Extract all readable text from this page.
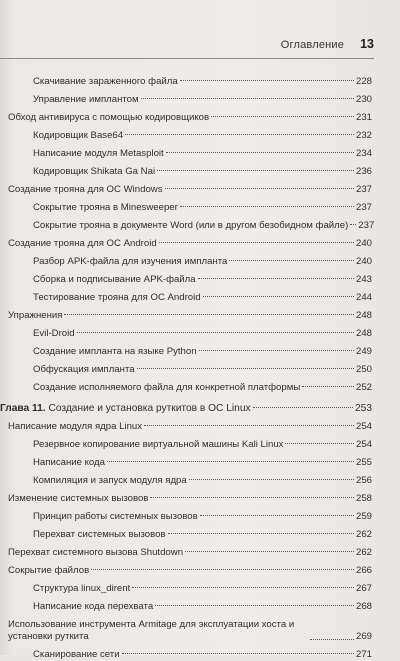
Оглавление 13
Скачивание зараженного файла	228
Управление имплантом	230
Обход антивируса с помощью кодировщиков	231
Кодировщик Base64	232
Написание модуля Metasploit	234
Кодировщик Shikata Ga Nai	236
Создание трояна для ОС Windows	237
Сокрытие трояна в Minesweeper	237
Сокрытие трояна в документе Word (или в другом безобидном файле) 237
Создание трояна для ОС Android	240
Разбор APK-файла для изучения импланта	240
Сборка и подписывание APK-файла	243
Тестирование трояна для ОС Android	244
Упражнения	248
Evil-Droid	248
Создание импланта на языке Python	249
Обфускация импланта	250
Создание исполняемого файла для конкретной платформы	252
Глава 11. Создание и установка руткитов в ОС Linux	253
Написание модуля ядра Linux	254
Резервное копирование виртуальной машины Kali Linux	254
Написание кода	255
Компиляция и запуск модуля ядра	256
Изменение системных вызовов	258
Принцип работы системных вызовов	259
Перехват системных вызовов	262
Перехват системного вызова Shutdown	262
Сокрытие файлов	266
Структура linux_dirent	267
Написание кода перехвата	268
Использование инструмента Armitage для эксплуатации хоста и установки руткита	269
Сканирование сети	271
